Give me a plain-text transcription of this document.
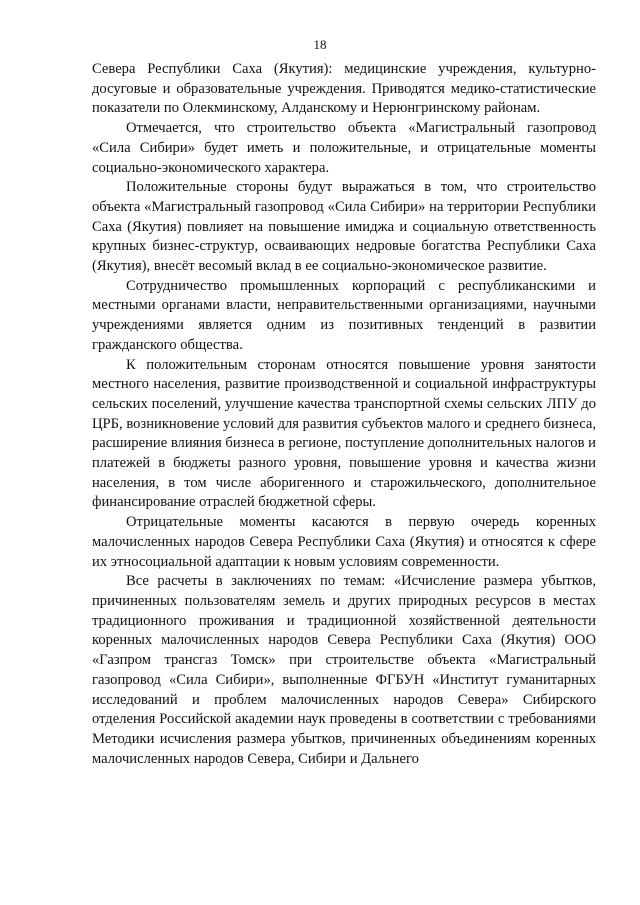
18

Севера Республики Саха (Якутия): медицинские учреждения, культурно-досуговые и образовательные учреждения. Приводятся медико-статистические показатели по Олекминскому, Алданскому и Нерюнгринскому районам.

Отмечается, что строительство объекта «Магистральный газопровод «Сила Сибири» будет иметь и положительные, и отрицательные моменты социально-экономического характера.

Положительные стороны будут выражаться в том, что строительство объекта «Магистральный газопровод «Сила Сибири» на территории Республики Саха (Якутия) повлияет на повышение имиджа и социальную ответственность крупных бизнес-структур, осваивающих недровые богатства Республики Саха (Якутия), внесёт весомый вклад в ее социально-экономическое развитие.

Сотрудничество промышленных корпораций с республиканскими и местными органами власти, неправительственными организациями, научными учреждениями является одним из позитивных тенденций в развитии гражданского общества.

К положительным сторонам относятся повышение уровня занятости местного населения, развитие производственной и социальной инфраструктуры сельских поселений, улучшение качества транспортной схемы сельских ЛПУ до ЦРБ, возникновение условий для развития субъектов малого и среднего бизнеса, расширение влияния бизнеса в регионе, поступление дополнительных налогов и платежей в бюджеты разного уровня, повышение уровня и качества жизни населения, в том числе аборигенного и старожильческого, дополнительное финансирование отраслей бюджетной сферы.

Отрицательные моменты касаются в первую очередь коренных малочисленных народов Севера Республики Саха (Якутия) и относятся к сфере их этносоциальной адаптации к новым условиям современности.

Все расчеты в заключениях по темам: «Исчисление размера убытков, причиненных пользователям земель и других природных ресурсов в местах традиционного проживания и традиционной хозяйственной деятельности коренных малочисленных народов Севера Республики Саха (Якутия) ООО «Газпром трансгаз Томск» при строительстве объекта «Магистральный газопровод «Сила Сибири», выполненные ФГБУН «Институт гуманитарных исследований и проблем малочисленных народов Севера» Сибирского отделения Российской академии наук проведены в соответствии с требованиями Методики исчисления размера убытков, причиненных объединениям коренных малочисленных народов Севера, Сибири и Дальнего
